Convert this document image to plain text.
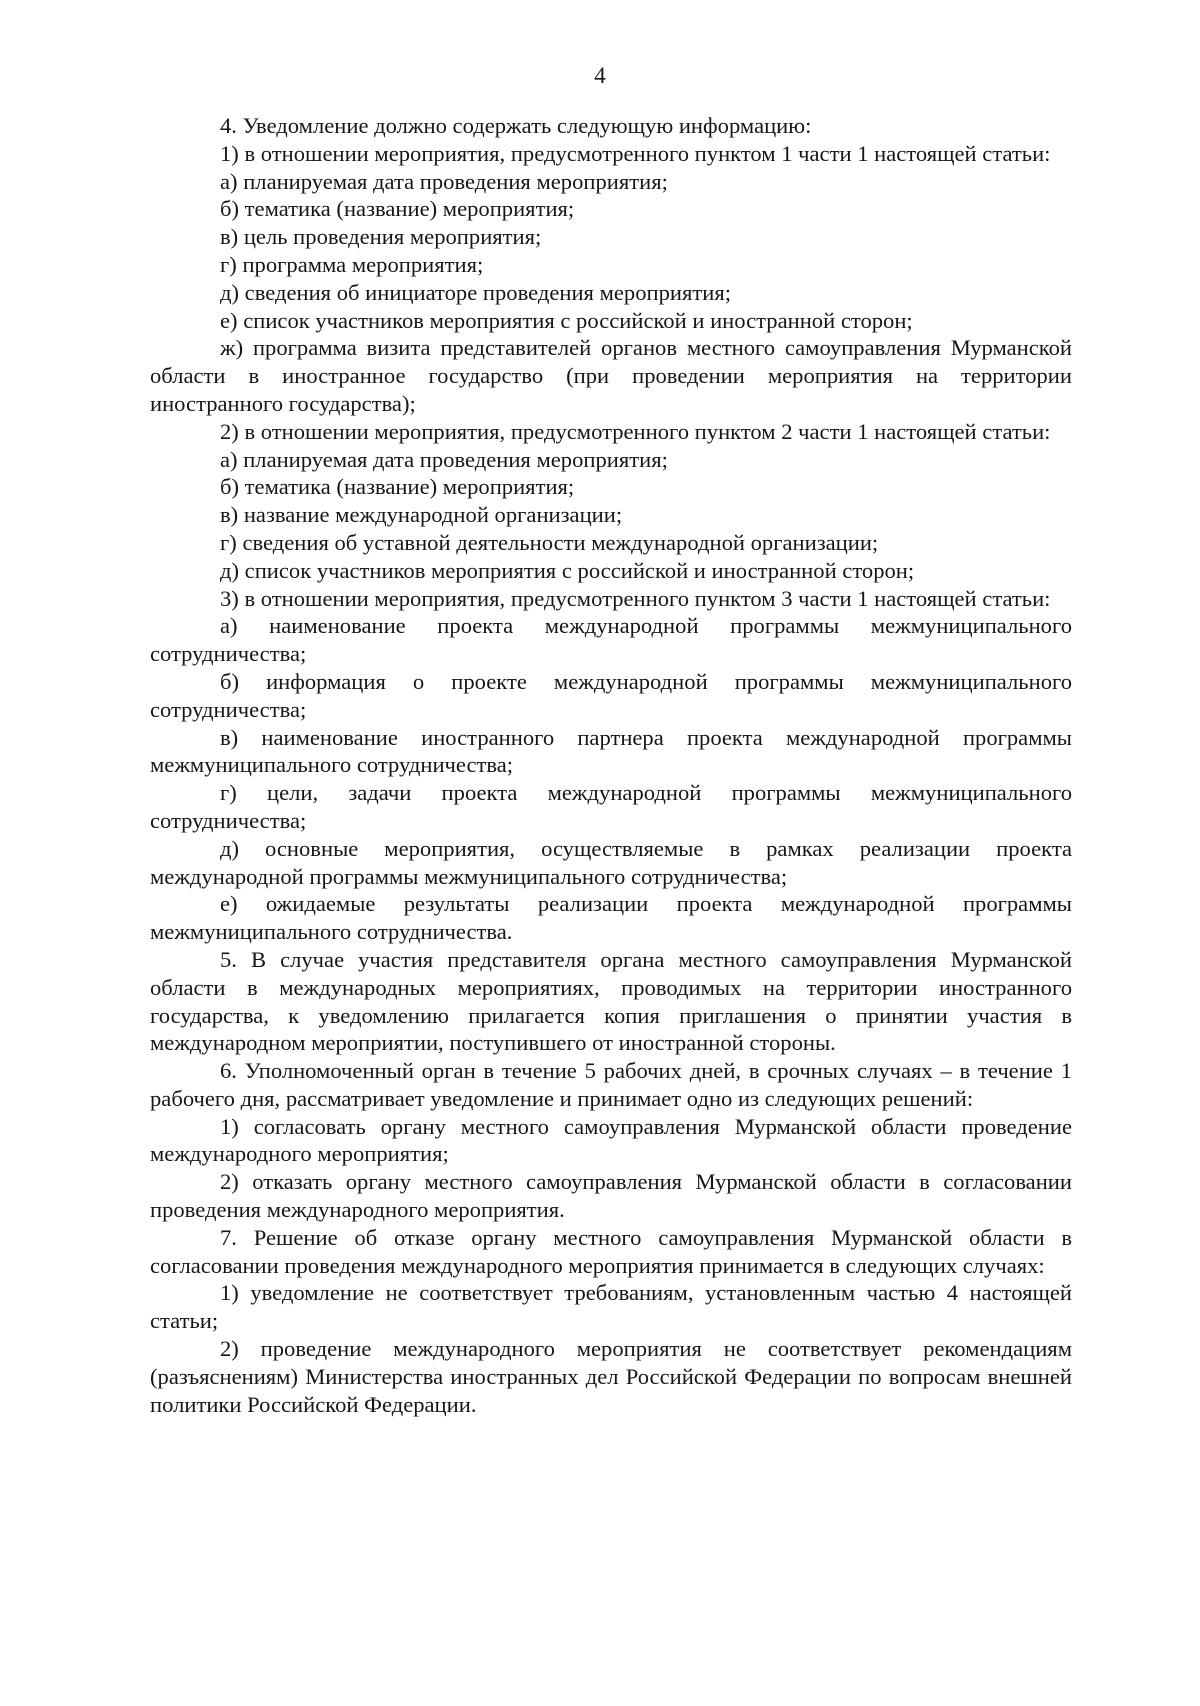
4

4. Уведомление должно содержать следующую информацию:

1) в отношении мероприятия, предусмотренного пунктом 1 части 1 настоящей статьи:

а) планируемая дата проведения мероприятия;

б) тематика (название) мероприятия;

в) цель проведения мероприятия;

г) программа мероприятия;

д) сведения об инициаторе проведения мероприятия;

е) список участников мероприятия с российской и иностранной сторон;

ж) программа визита представителей органов местного самоуправления Мурманской области в иностранное государство (при проведении мероприятия на территории иностранного государства);

2) в отношении мероприятия, предусмотренного пунктом 2 части 1 настоящей статьи:

а) планируемая дата проведения мероприятия;

б) тематика (название) мероприятия;

в) название международной организации;

г) сведения об уставной деятельности международной организации;

д) список участников мероприятия с российской и иностранной сторон;

3) в отношении мероприятия, предусмотренного пунктом 3 части 1 настоящей статьи:

а) наименование проекта международной программы межмуниципального сотрудничества;

б) информация о проекте международной программы межмуниципального сотрудничества;

в) наименование иностранного партнера проекта международной программы межмуниципального сотрудничества;

г) цели, задачи проекта международной программы межмуниципального сотрудничества;

д) основные мероприятия, осуществляемые в рамках реализации проекта международной программы межмуниципального сотрудничества;

е) ожидаемые результаты реализации проекта международной программы межмуниципального сотрудничества.

5. В случае участия представителя органа местного самоуправления Мурманской области в международных мероприятиях, проводимых на территории иностранного государства, к уведомлению прилагается копия приглашения о принятии участия в международном мероприятии, поступившего от иностранной стороны.

6. Уполномоченный орган в течение 5 рабочих дней, в срочных случаях – в течение 1 рабочего дня, рассматривает уведомление и принимает одно из следующих решений:

1) согласовать органу местного самоуправления Мурманской области проведение международного мероприятия;

2) отказать органу местного самоуправления Мурманской области в согласовании проведения международного мероприятия.

7. Решение об отказе органу местного самоуправления Мурманской области в согласовании проведения международного мероприятия принимается в следующих случаях:

1) уведомление не соответствует требованиям, установленным частью 4 настоящей статьи;

2) проведение международного мероприятия не соответствует рекомендациям (разъяснениям) Министерства иностранных дел Российской Федерации по вопросам внешней политики Российской Федерации.
